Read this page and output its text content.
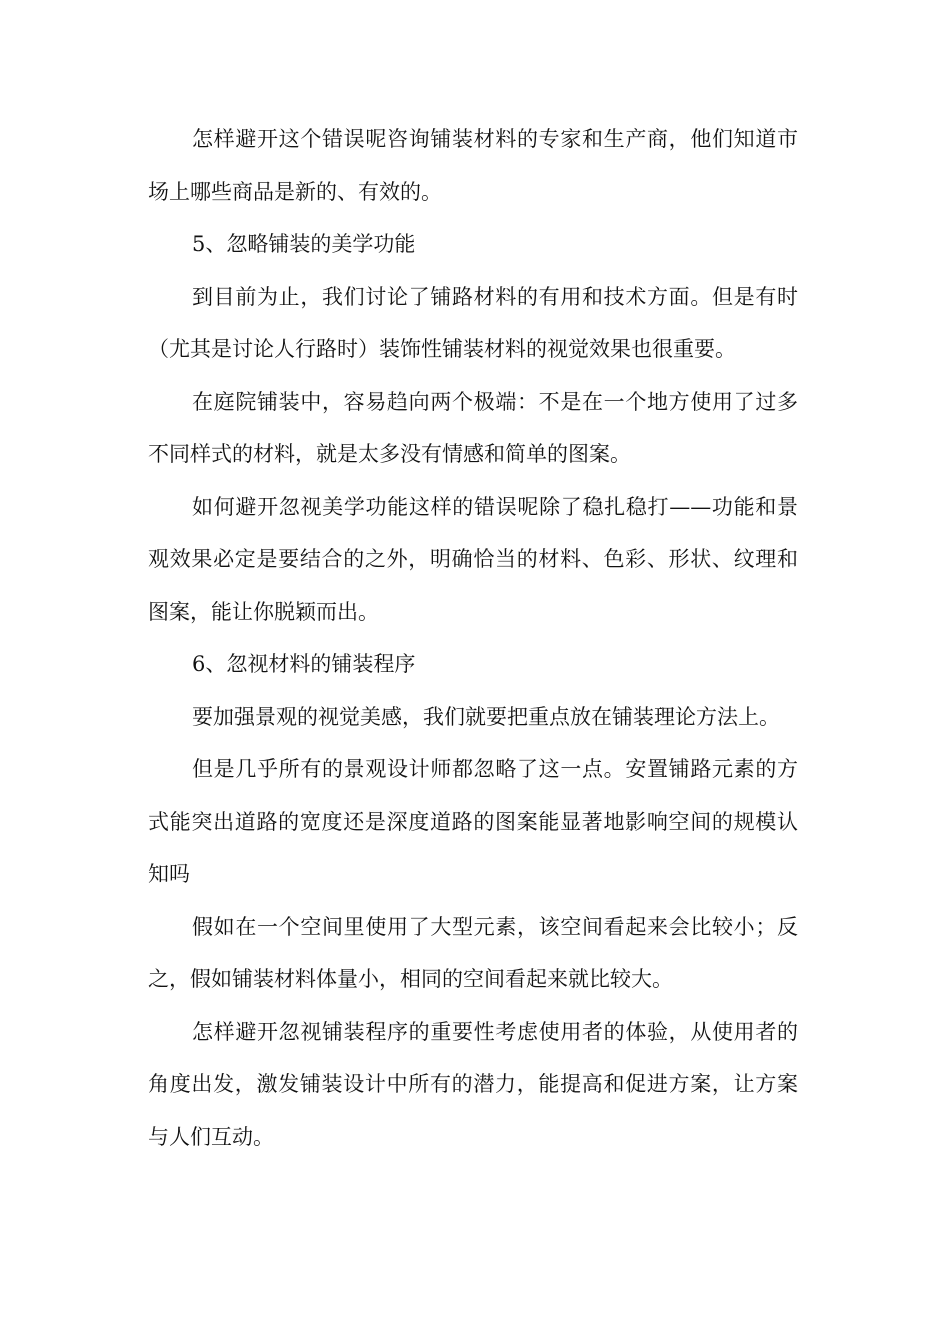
怎样避开这个错误呢咨询铺装材料的专家和生产商，他们知道市场上哪些商品是新的、有效的。

5、忽略铺装的美学功能

到目前为止，我们讨论了铺路材料的有用和技术方面。但是有时（尤其是讨论人行路时）装饰性铺装材料的视觉效果也很重要。

在庭院铺装中，容易趋向两个极端：不是在一个地方使用了过多不同样式的材料，就是太多没有情感和简单的图案。

如何避开忽视美学功能这样的错误呢除了稳扎稳打——功能和景观效果必定是要结合的之外，明确恰当的材料、色彩、形状、纹理和图案，能让你脱颖而出。

6、忽视材料的铺装程序

要加强景观的视觉美感，我们就要把重点放在铺装理论方法上。

但是几乎所有的景观设计师都忽略了这一点。安置铺路元素的方式能突出道路的宽度还是深度道路的图案能显著地影响空间的规模认知吗

假如在一个空间里使用了大型元素，该空间看起来会比较小；反之，假如铺装材料体量小，相同的空间看起来就比较大。

怎样避开忽视铺装程序的重要性考虑使用者的体验，从使用者的角度出发，激发铺装设计中所有的潜力，能提高和促进方案，让方案与人们互动。
